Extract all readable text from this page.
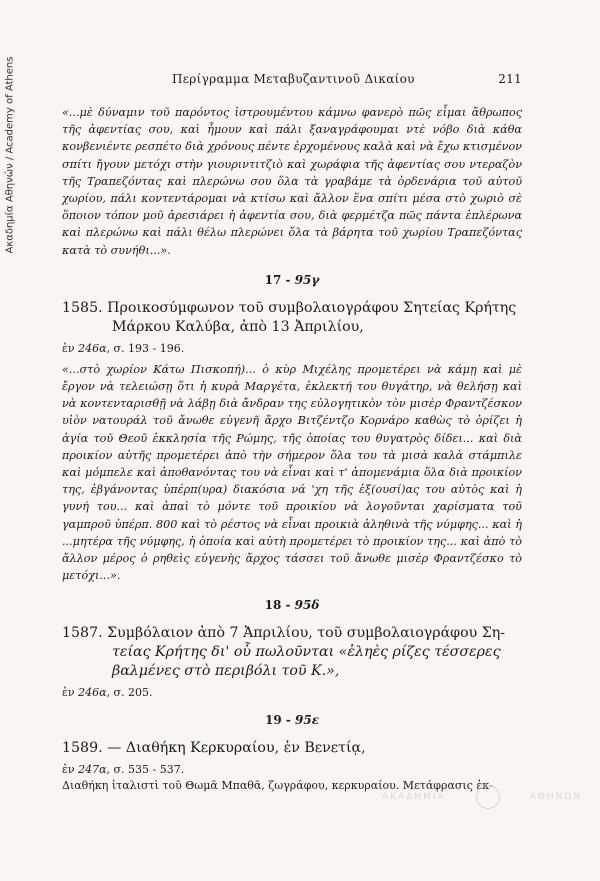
Ακαδημία Αθηνών / Academy of Athens	Περίγραμμα Μεταβυζαντινοῦ Δικαίου	211

«...μὲ δύναμιν τοῦ παρόντος ἰστρουμέντου κάμνω φανερὸ πῶς εἶμαι ἄθρωπος τῆς ἀφεντίας σου, καὶ ἦμουν καὶ πάλι ξαναγράφουμαι ντὲ νόβο διὰ κάθα κονβενιέντε ρεσπέτο διὰ χρόνους πέντε ἐρχομένους καλὰ καὶ νὰ ἔχω κτισμένον σπίτι ἤγουν μετόχι στὴν γιουριντιτζιὸ καὶ χωράφια τῆς ἀφεντίας σου ντεραζὸν τῆς Τραπεζόντας καὶ πλερώνω σου ὅλα τὰ γραβάμε τὰ ὀρδενάρια τοῦ αὐτοῦ χωρίου, πάλι κοντεντάρομαι νὰ κτίσω καὶ ἄλλον ἕνα σπίτι μέσα στὸ χωριὸ σὲ ὅποιον τόπον μοῦ ἀρεσιάρει ἡ ἀφεντία σου, διὰ φερμέτζα πῶς πάντα ἐπλέρωνα καὶ πλερώνω καὶ πάλι θέλω πλερώνει ὅλα τὰ βάρητα τοῦ χωρίου Τραπεζόντας κατὰ τὸ συνήθι...».

17 - 95γ
1585. Προικοσύμφωνον τοῦ συμβολαιογράφου Σητείας Κρήτης
Μάρκου Καλύβα, ἀπὸ 13 Ἀπριλίου,
ἐν 246α, σ. 193 - 196.

«...στὸ χωρίον Κάτω Πισκοπή)... ὁ κὺρ Μιχέλης προμετέρει νὰ κάμῃ καὶ μὲ ἔργον νὰ τελειώσῃ ὅτι ἡ κυρὰ Μαργέτα, ἐκλεκτή του θυγάτηρ, νὰ θελήσῃ καὶ νὰ κοντενταρισθῇ νὰ λάβῃ διὰ ἄνδραν της εὐλογητικὸν τὸν μισὲρ Φραντζέσκον υἱὸν νατουράλ τοῦ ἄνωθε εὐγενῆ ἄρχο Βιτζέντζο Κορνάρο καθὼς τὸ ὁρίζει ἡ ἁγία τοῦ Θεοῦ ἐκκλησία τῆς Ρώμης, τῆς ὁποίας του θυγατρὸς δίδει... καὶ διὰ προικίον αὐτῆς προμετέρει ἀπὸ τὴν σήμερον ὅλα του τὰ μισὰ καλὰ στάμπιλε καὶ μόμπελε καὶ ἀποθανόντας του νὰ εἶναι καὶ τ' ἀπομενάμια ὅλα διὰ προικίον της, ἐβγάνοντας ὑπέρπ(υρα) διακόσια νά 'χη τῆς ἐξ(ουσί)ας του αὐτὸς καὶ ἡ γυνή του... καὶ ἀπαὶ τὸ μόντε τοῦ προικίου νὰ λογοῦνται χαρίσματα τοῦ γαμπροῦ ὑπέρπ. 800 καὶ τὸ ρέστος νὰ εἶναι προικιὰ ἀληθινὰ τῆς νύμφης... καὶ ἡ ...μητέρα τῆς νύμφης, ἡ ὁποία καὶ αὐτὴ προμετέρει τὸ προικίον της... καὶ ἀπὸ τὸ ἄλλον μέρος ὁ ρηθεὶς εὐγενὴς ἄρχος τάσσει τοῦ ἄνωθε μισὲρ Φραντζέσκο τὸ μετόχι...».

18 - 95δ
1587. Συμβόλαιον ἀπὸ 7 Ἀπριλίου, τοῦ συμβολαιογράφου Ση-
τείας Κρήτης δι' οὗ πωλοῦνται «ἐληὲς ρίζες τέσσερες βαλμένες στὸ περιβόλι τοῦ Κ.»,
ἐν 246α, σ. 205.
19 - 95ε
1589. — Διαθήκη Κερκυραίου, ἐν Βενετίᾳ,
ἐν 247α, σ. 535 - 537.
Διαθήκη ἰταλιστὶ τοῦ Θωμᾶ Μπαθᾶ, ζωγράφου, κερκυραίου. Μετάφρασις ἐκ-
ΑΚΑΔΗΜΙΑ	ΑΘΗΝΩΝ
